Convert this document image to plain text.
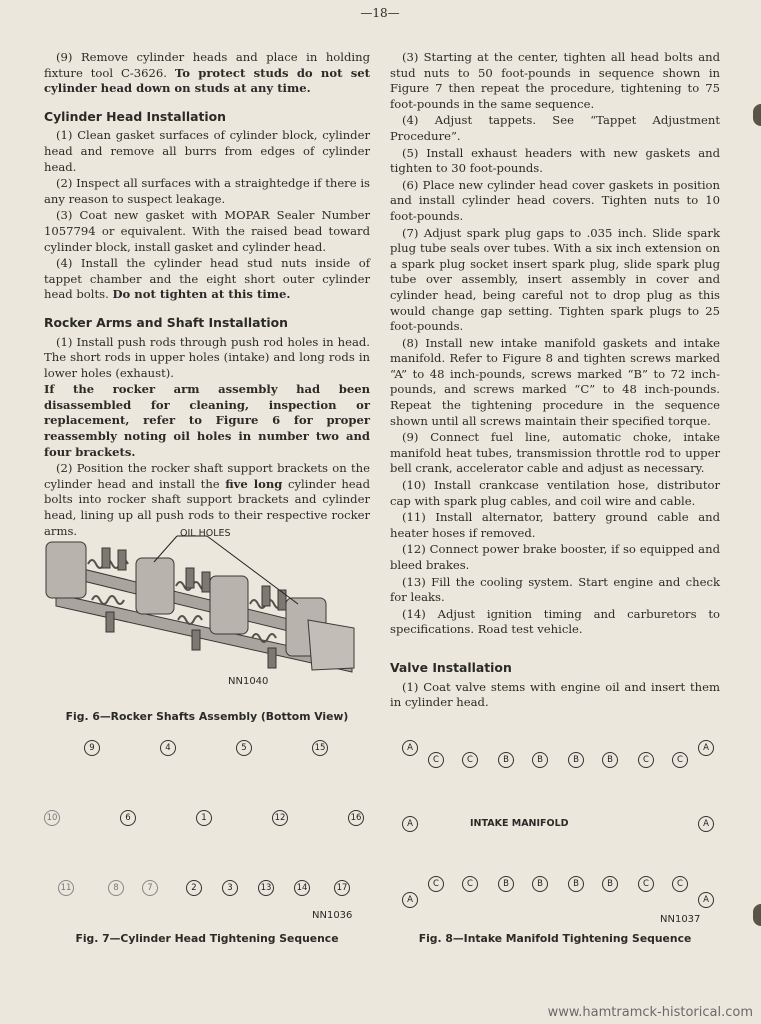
—18—

(9) Remove cylinder heads and place in holding fixture tool C-3626. To protect studs do not set cylinder head down on studs at any time.

Cylinder Head Installation

(1) Clean gasket surfaces of cylinder block, cylinder head and remove all burrs from edges of cylinder head.

(2) Inspect all surfaces with a straightedge if there is any reason to suspect leakage.

(3) Coat new gasket with MOPAR Sealer Number 1057794 or equivalent. With the raised bead toward cylinder block, install gasket and cylinder head.

(4) Install the cylinder head stud nuts inside of tappet chamber and the eight short outer cylinder head bolts. Do not tighten at this time.

Rocker Arms and Shaft Installation

(1) Install push rods through push rod holes in head. The short rods in upper holes (intake) and long rods in lower holes (exhaust).

If the rocker arm assembly had been disassembled for cleaning, inspection or replacement, refer to Figure 6 for proper reassembly noting oil holes in number two and four brackets.

(2) Position the rocker shaft support brackets on the cylinder head and install the five long cylinder head bolts into rocker shaft support brackets and cylinder head, lining up all push rods to their respective rocker arms.

(3) Starting at the center, tighten all head bolts and stud nuts to 50 foot-pounds in sequence shown in Figure 7 then repeat the procedure, tightening to 75 foot-pounds in the same sequence.

(4) Adjust tappets. See “Tappet Adjustment Procedure”.

(5) Install exhaust headers with new gaskets and tighten to 30 foot-pounds.

(6) Place new cylinder head cover gaskets in position and install cylinder head covers. Tighten nuts to 10 foot-pounds.

(7) Adjust spark plug gaps to .035 inch. Slide spark plug tube seals over tubes. With a six inch extension on a spark plug socket insert spark plug, slide spark plug tube over assembly, insert assembly in cover and cylinder head, being careful not to drop plug as this would change gap setting. Tighten spark plugs to 25 foot-pounds.

(8) Install new intake manifold gaskets and intake manifold. Refer to Figure 8 and tighten screws marked “A” to 48 inch-pounds, screws marked “B” to 72 inch-pounds, and screws marked “C” to 48 inch-pounds. Repeat the tightening procedure in the sequence shown until all screws maintain their specified torque.

(9) Connect fuel line, automatic choke, intake manifold heat tubes, transmission throttle rod to upper bell crank, accelerator cable and adjust as necessary.

(10) Install crankcase ventilation hose, distributor cap with spark plug cables, and coil wire and cable.

(11) Install alternator, battery ground cable and heater hoses if removed.

(12) Connect power brake booster, if so equipped and bleed brakes.

(13) Fill the cooling system. Start engine and check for leaks.

(14) Adjust ignition timing and carburetors to specifications. Road test vehicle.

Valve Installation

(1) Coat valve stems with engine oil and insert them in cylinder head.

OIL HOLES
NN1040
Fig. 6—Rocker Shafts Assembly (Bottom View)
9	4	5	15
10	6	1	12	16
11	8	7	2	3	13	14	17
NN1036
Fig. 7—Cylinder Head Tightening Sequence
A
C	C	B	B	B	B	C	C
A
A
C	C	B	B	B	B	C	C
A
A	A
INTAKE MANIFOLD
NN1037
Fig. 8—Intake Manifold Tightening Sequence
www.hamtramck-historical.com
